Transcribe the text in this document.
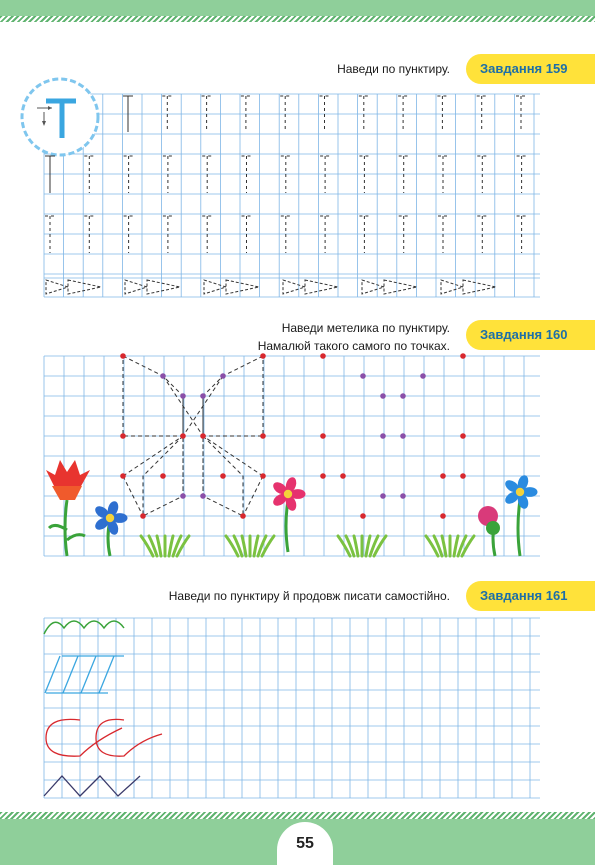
Наведи по пунктиру.	Завдання 159
Наведи метелика по пунктиру.
Намалюй такого самого по точках.
Завдання 160
Наведи по пунктиру й продовж писати самостійно.	Завдання 161
55
